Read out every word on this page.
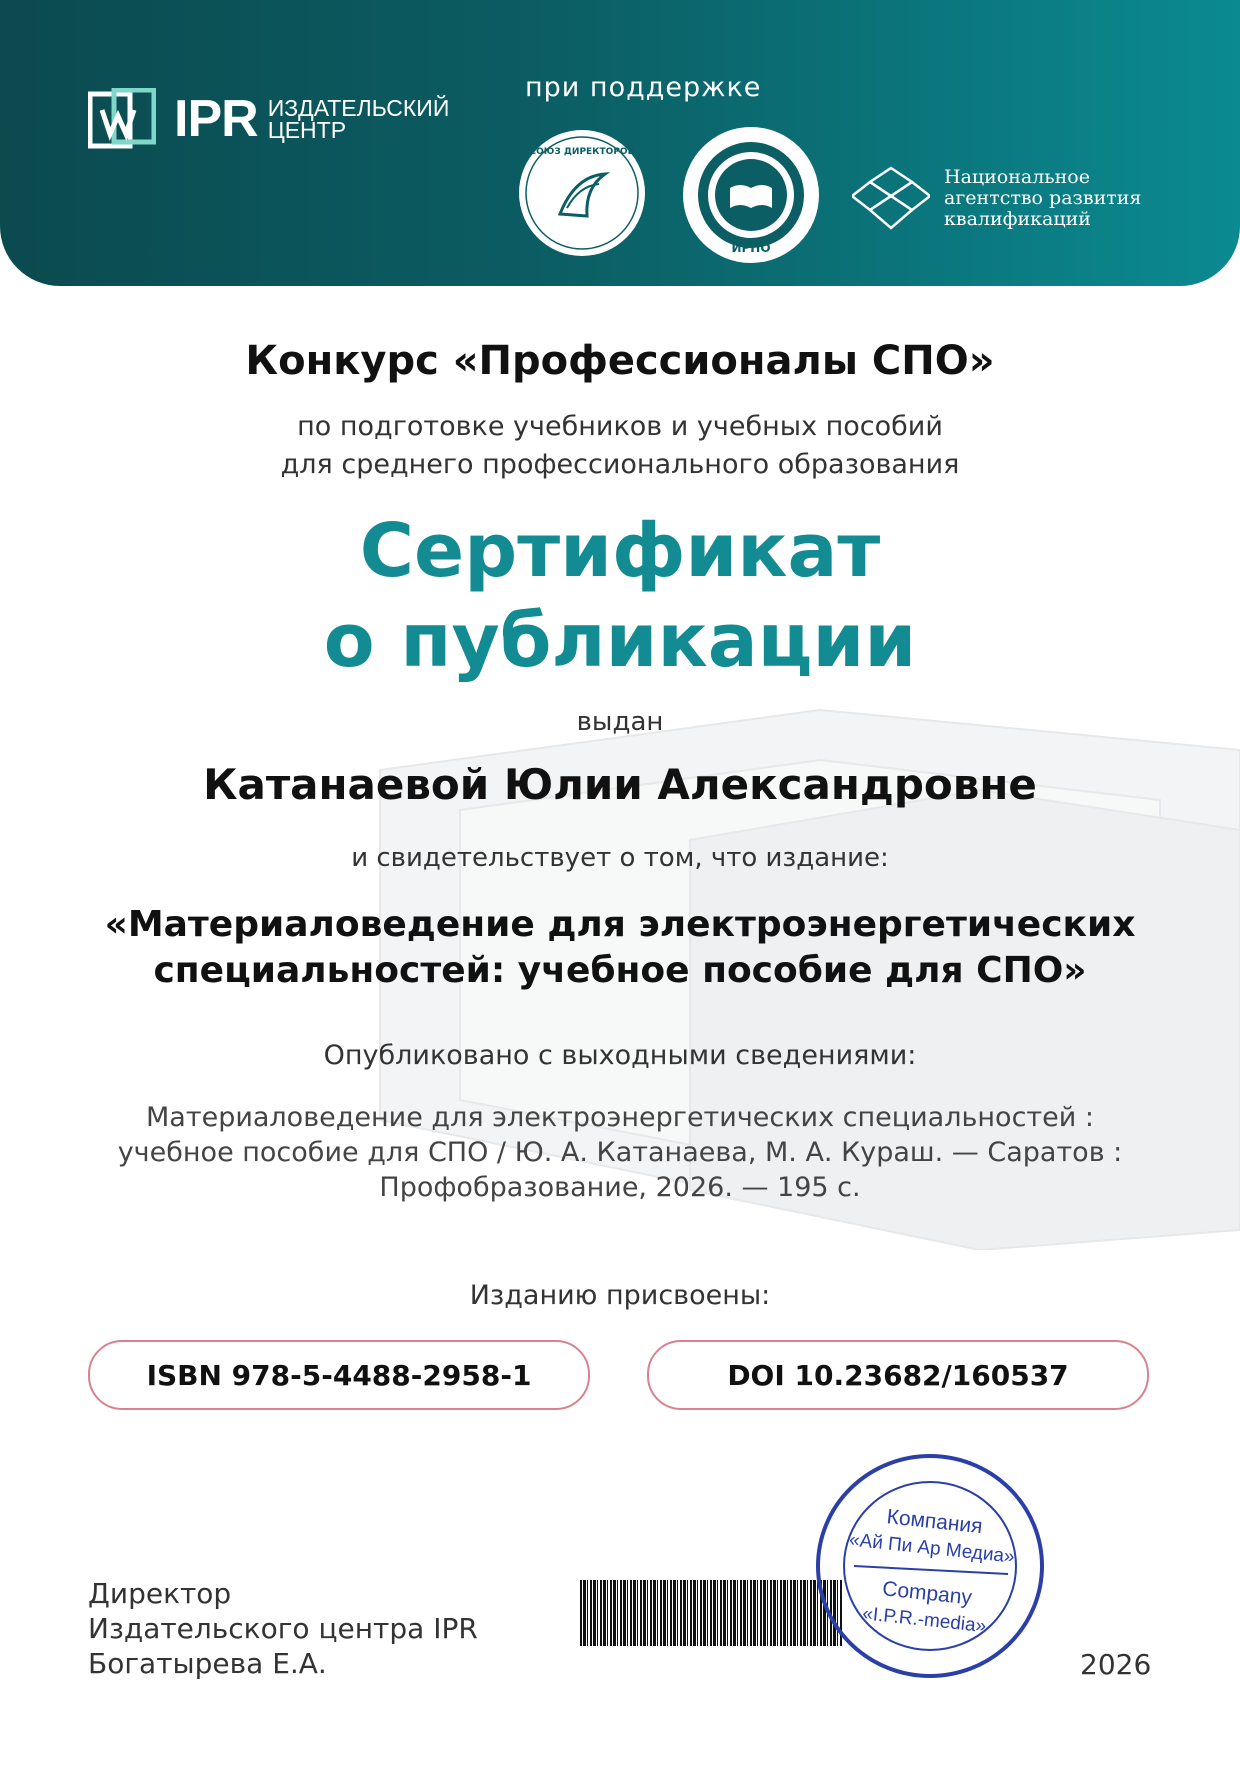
IPR ИЗДАТЕЛЬСКИЙ
ЦЕНТР
при поддержке
СОЮЗ ДИРЕКТОРОВ
ИРПО
Национальное
агентство развития
квалификаций
Конкурс «Профессионалы СПО»
по подготовке учебников и учебных пособий
для среднего профессионального образования
Сертификат
о публикации
выдан
Катанаевой Юлии Александровне
и свидетельствует о том, что издание:
«Материаловедение для электроэнергетических
специальностей: учебное пособие для СПО»
Опубликовано с выходными сведениями:
Материаловедение для электроэнергетических специальностей :
учебное пособие для СПО / Ю. А. Катанаева, М. А. Кураш. — Саратов :
Профобразование, 2026. — 195 с.
Изданию присвоены:
ISBN 978-5-4488-2958-1	DOI 10.23682/160537
Директор
Издательского центра IPR
Богатырева Е.А.
Компания
«Ай Пи Ар Медиа»
Company
«I.P.R.-media»
2026
